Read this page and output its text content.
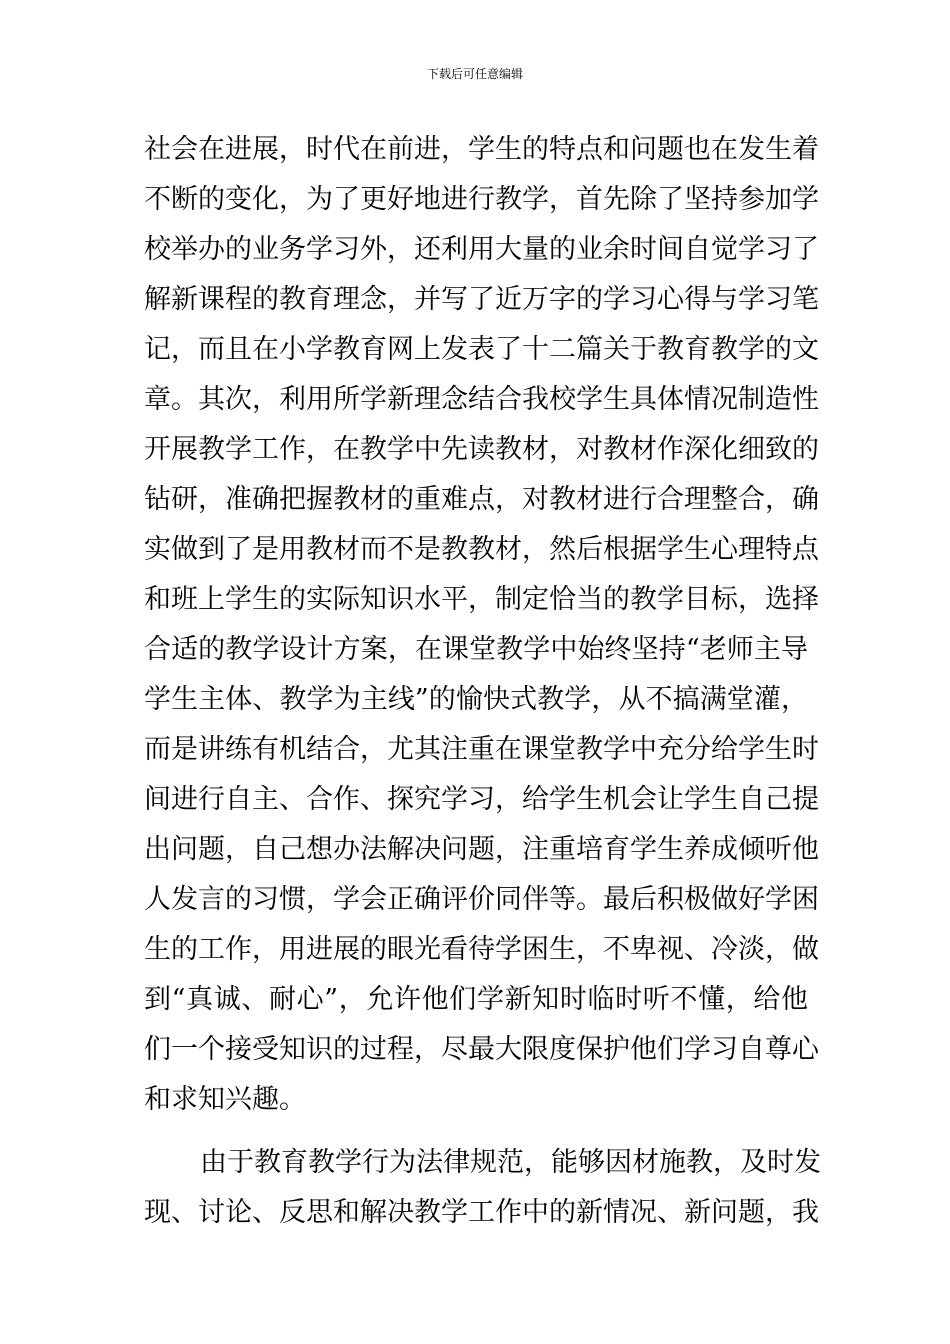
下载后可任意编辑
社会在进展，时代在前进，学生的特点和问题也在发生着
不断的变化，为了更好地进行教学，首先除了坚持参加学
校举办的业务学习外，还利用大量的业余时间自觉学习了
解新课程的教育理念，并写了近万字的学习心得与学习笔
记，而且在小学教育网上发表了十二篇关于教育教学的文
章。其次，利用所学新理念结合我校学生具体情况制造性
开展教学工作，在教学中先读教材，对教材作深化细致的
钻研，准确把握教材的重难点，对教材进行合理整合，确
实做到了是用教材而不是教教材，然后根据学生心理特点
和班上学生的实际知识水平，制定恰当的教学目标，选择
合适的教学设计方案，在课堂教学中始终坚持“老师主导
学生主体、教学为主线”的愉快式教学，从不搞满堂灌，
而是讲练有机结合，尤其注重在课堂教学中充分给学生时
间进行自主、合作、探究学习，给学生机会让学生自己提
出问题，自己想办法解决问题，注重培育学生养成倾听他
人发言的习惯，学会正确评价同伴等。最后积极做好学困
生的工作，用进展的眼光看待学困生，不卑视、冷淡，做
到“真诚、耐心”，允许他们学新知时临时听不懂，给他
们一个接受知识的过程，尽最大限度保护他们学习自尊心
和求知兴趣。
由于教育教学行为法律规范，能够因材施教，及时发
现、讨论、反思和解决教学工作中的新情况、新问题，我
